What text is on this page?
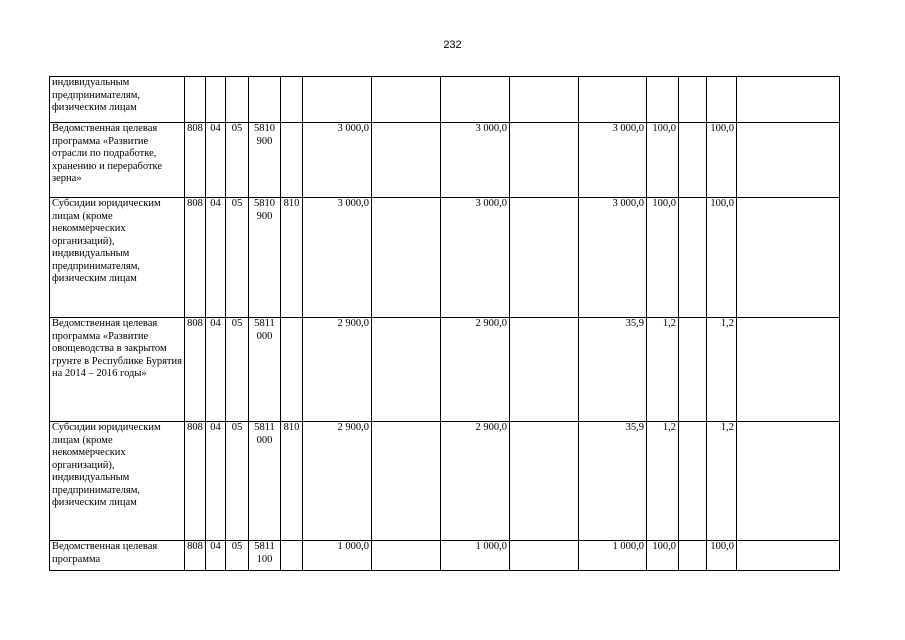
232
индивидуальным предпринимателям, физическим лицам														
Ведомственная целевая программа «Развитие отрасли по подработке, хранению и переработке зерна»	808	04	05	5810 900		3 000,0		3 000,0		3 000,0	100,0		100,0	
Субсидии юридическим лицам (кроме некоммерческих организаций), индивидуальным предпринимателям, физическим лицам	808	04	05	5810 900	810	3 000,0		3 000,0		3 000,0	100,0		100,0	
Ведомственная целевая программа «Развитие овощеводства в закрытом грунте в Республике Бурятия на 2014 – 2016 годы»	808	04	05	5811 000		2 900,0		2 900,0		35,9	1,2		1,2	
Субсидии юридическим лицам (кроме некоммерческих организаций), индивидуальным предпринимателям, физическим лицам	808	04	05	5811 000	810	2 900,0		2 900,0		35,9	1,2		1,2	
Ведомственная целевая программа	808	04	05	5811 100		1 000,0		1 000,0		1 000,0	100,0		100,0	
